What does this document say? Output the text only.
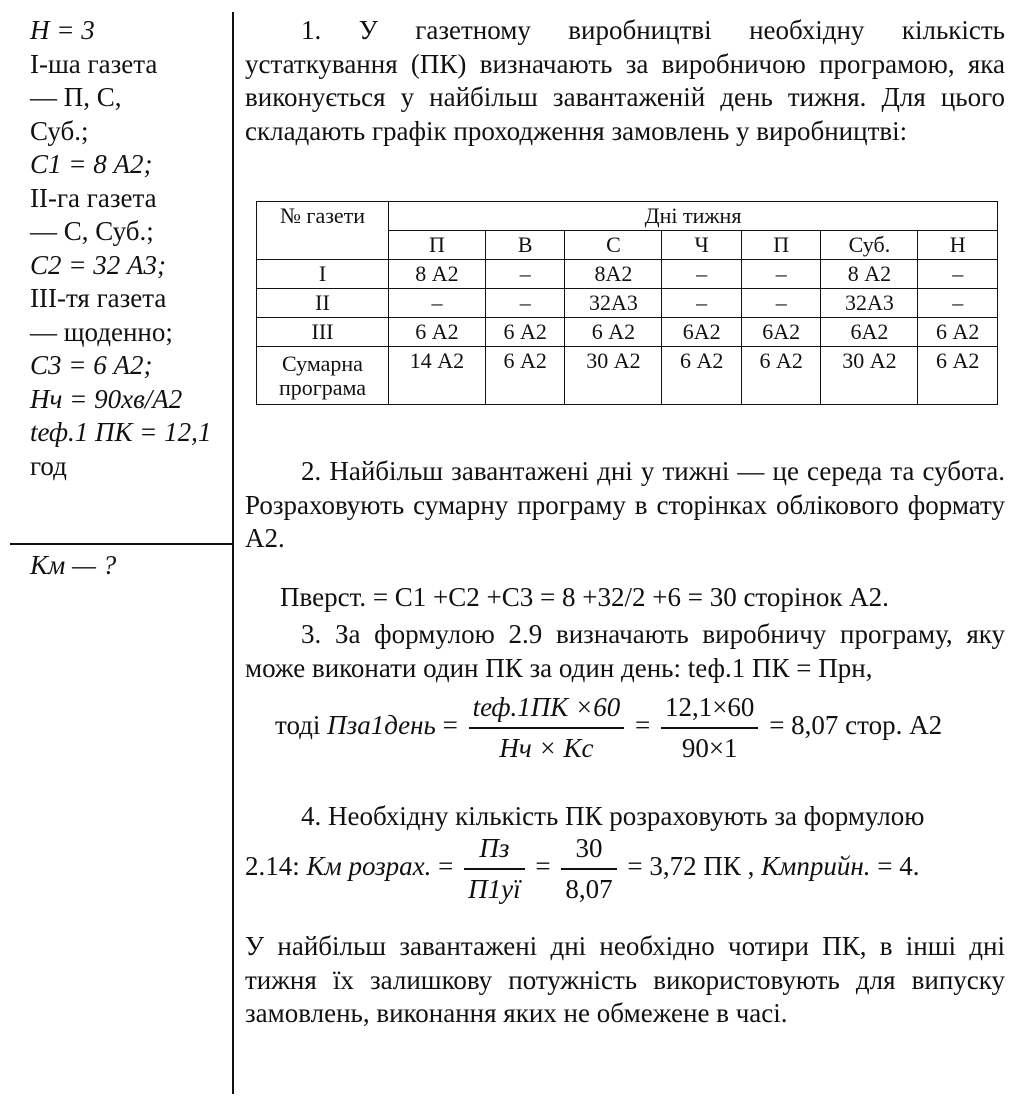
H = 3
І-ша газета
— П, С,
Суб.;
C1 = 8 А2;
ІІ-га газета
— С, Суб.;
C2 = 32 А3;
ІІІ-тя газета
— щоденно;
C3 = 6 А2;
Hч = 90хв/А2
tеф.1 ПК = 12,1
год
Kм — ?

1. У газетному виробництві необхідну кількість устаткування (ПК) визначають за виробничою програмою, яка виконується у найбільш завантаженій день тижня. Для цього складають графік проходження замовлень у виробництві:

№ газети	Дні тижня						
	П	В	С	Ч	П	Суб.	Н
І	8 А2	–	8А2	–	–	8 А2	–
ІІ	–	–	32А3	–	–	32А3	–
ІІІ	6 А2	6 А2	6 А2	6А2	6А2	6А2	6 А2
Сумарна програма	14 А2	6 А2	30 А2	6 А2	6 А2	30 А2	6 А2

2. Найбільш завантажені дні у тижні — це середа та субота. Розраховують сумарну програму в сторінках облікового формату А2.

Пверст. = C1 +C2 +C3 = 8 +32/2 +6 = 30 сторінок А2.

3. За формулою 2.9 визначають виробничу програму, яку може виконати один ПК за один день: tеф.1 ПК = Прн,

тоді Пза1день = $\frac{\text{tеф.1ПК ×60}}{Hч \times Kс} = \frac{12,1\times 60}{90\times 1} = 8,07$ стор. А2

4. Необхідну кількість ПК розраховують за формулою

2.14: Kм розрах. = $\frac{Пз}{П1уї} = \frac{30}{8,07} = 3,72$ ПК , Kмприйн. = 4.

У найбільш завантажені дні необхідно чотири ПК, в інші дні тижня їх залишкову потужність використовують для випуску замовлень, виконання яких не обмежене в часі.
